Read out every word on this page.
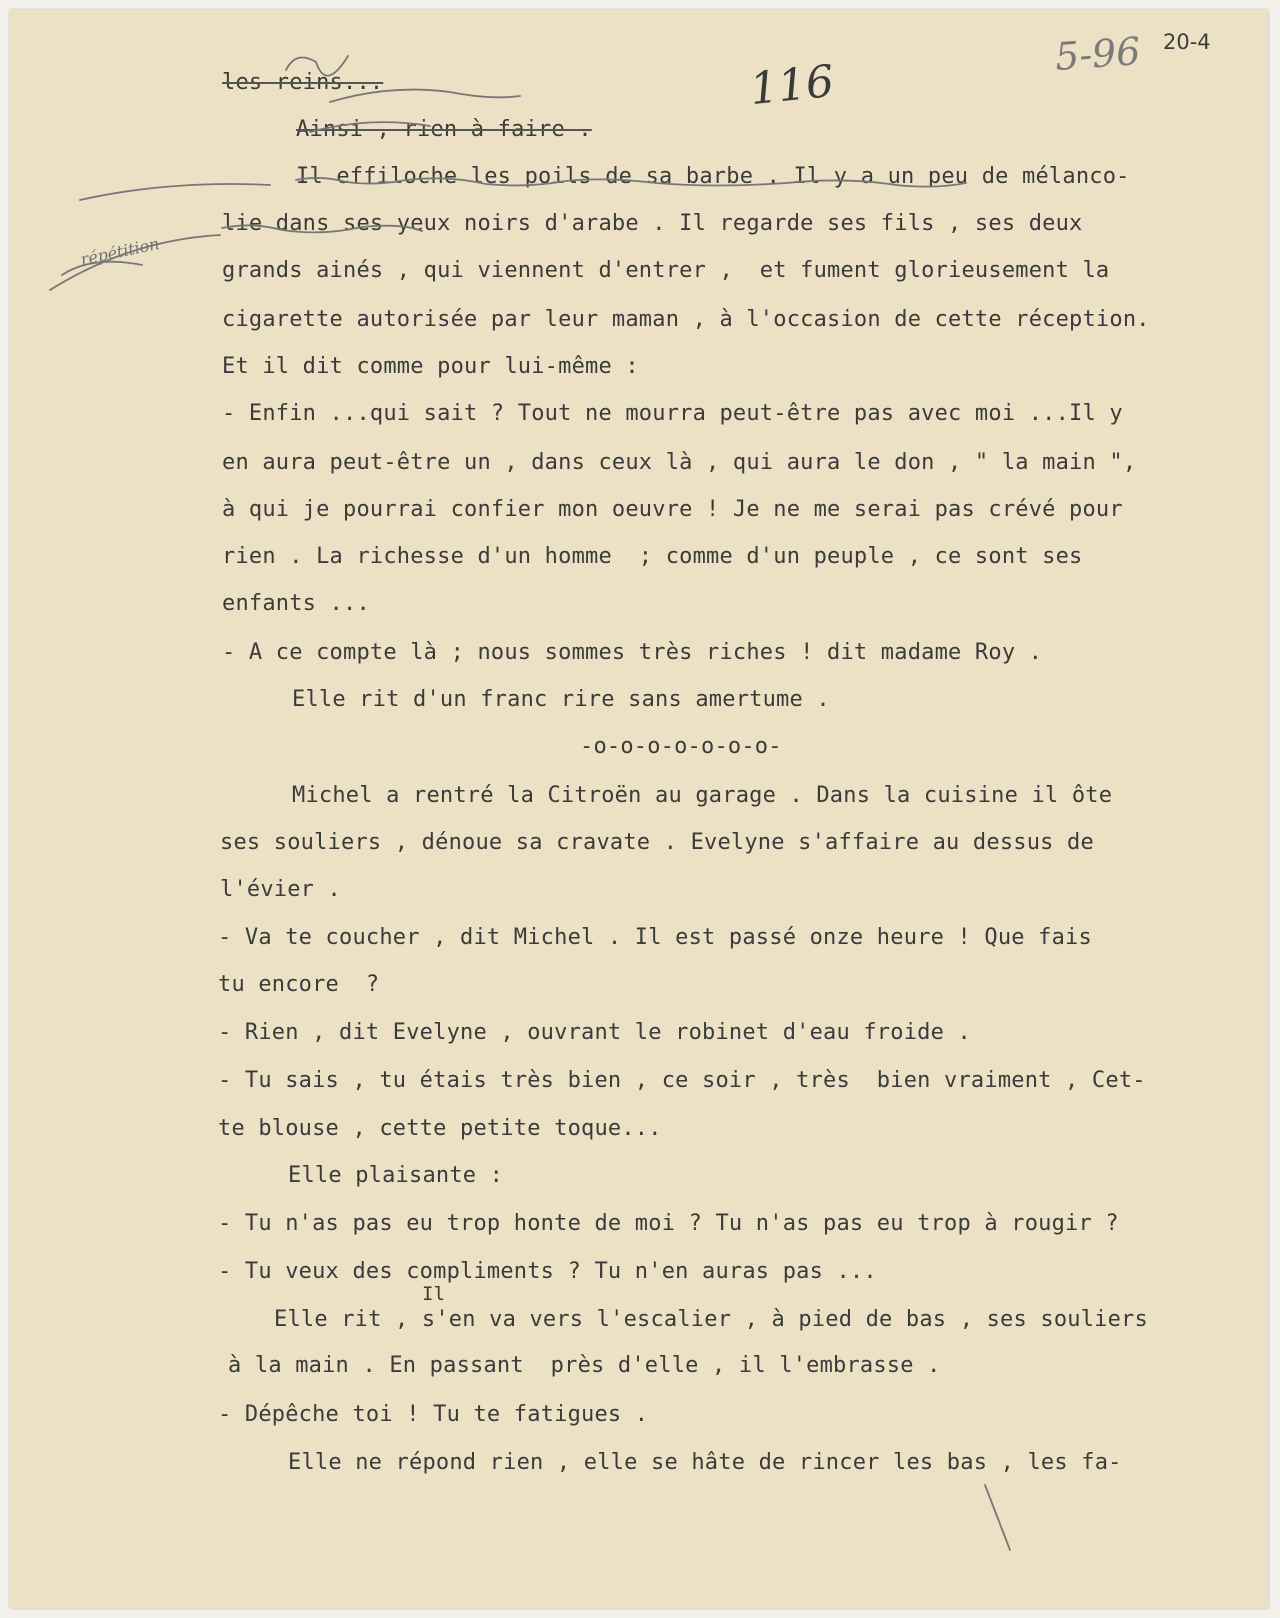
5-96 20-4
116
répétition
les reins...
Ainsi , rien à faire .
Il effiloche les poils de sa barbe . Il y a un peu de mélanco-
lie dans ses yeux noirs d'arabe . Il regarde ses fils , ses deux
grands ainés , qui viennent d'entrer ,  et fument glorieusement la
cigarette autorisée par leur maman , à l'occasion de cette réception.
Et il dit comme pour lui-même :
- Enfin ...qui sait ? Tout ne mourra peut-être pas avec moi ...Il y
en aura peut-être un , dans ceux là , qui aura le don , " la main ",
à qui je pourrai confier mon oeuvre ! Je ne me serai pas crévé pour
rien . La richesse d'un homme  ; comme d'un peuple , ce sont ses
enfants ...
- A ce compte là ; nous sommes très riches ! dit madame Roy .
Elle rit d'un franc rire sans amertume .
-o-o-o-o-o-o-o-
Michel a rentré la Citroën au garage . Dans la cuisine il ôte
ses souliers , dénoue sa cravate . Evelyne s'affaire au dessus de
l'évier .
- Va te coucher , dit Michel . Il est passé onze heure ! Que fais
tu encore  ?
- Rien , dit Evelyne , ouvrant le robinet d'eau froide .
- Tu sais , tu étais très bien , ce soir , très  bien vraiment , Cet-
te blouse , cette petite toque...
Elle plaisante :
- Tu n'as pas eu trop honte de moi ? Tu n'as pas eu trop à rougir ?
- Tu veux des compliments ? Tu n'en auras pas ...
Il
Elle rit , s'en va vers l'escalier , à pied de bas , ses souliers
à la main . En passant  près d'elle , il l'embrasse .
- Dépêche toi ! Tu te fatigues .
Elle ne répond rien , elle se hâte de rincer les bas , les fa-
